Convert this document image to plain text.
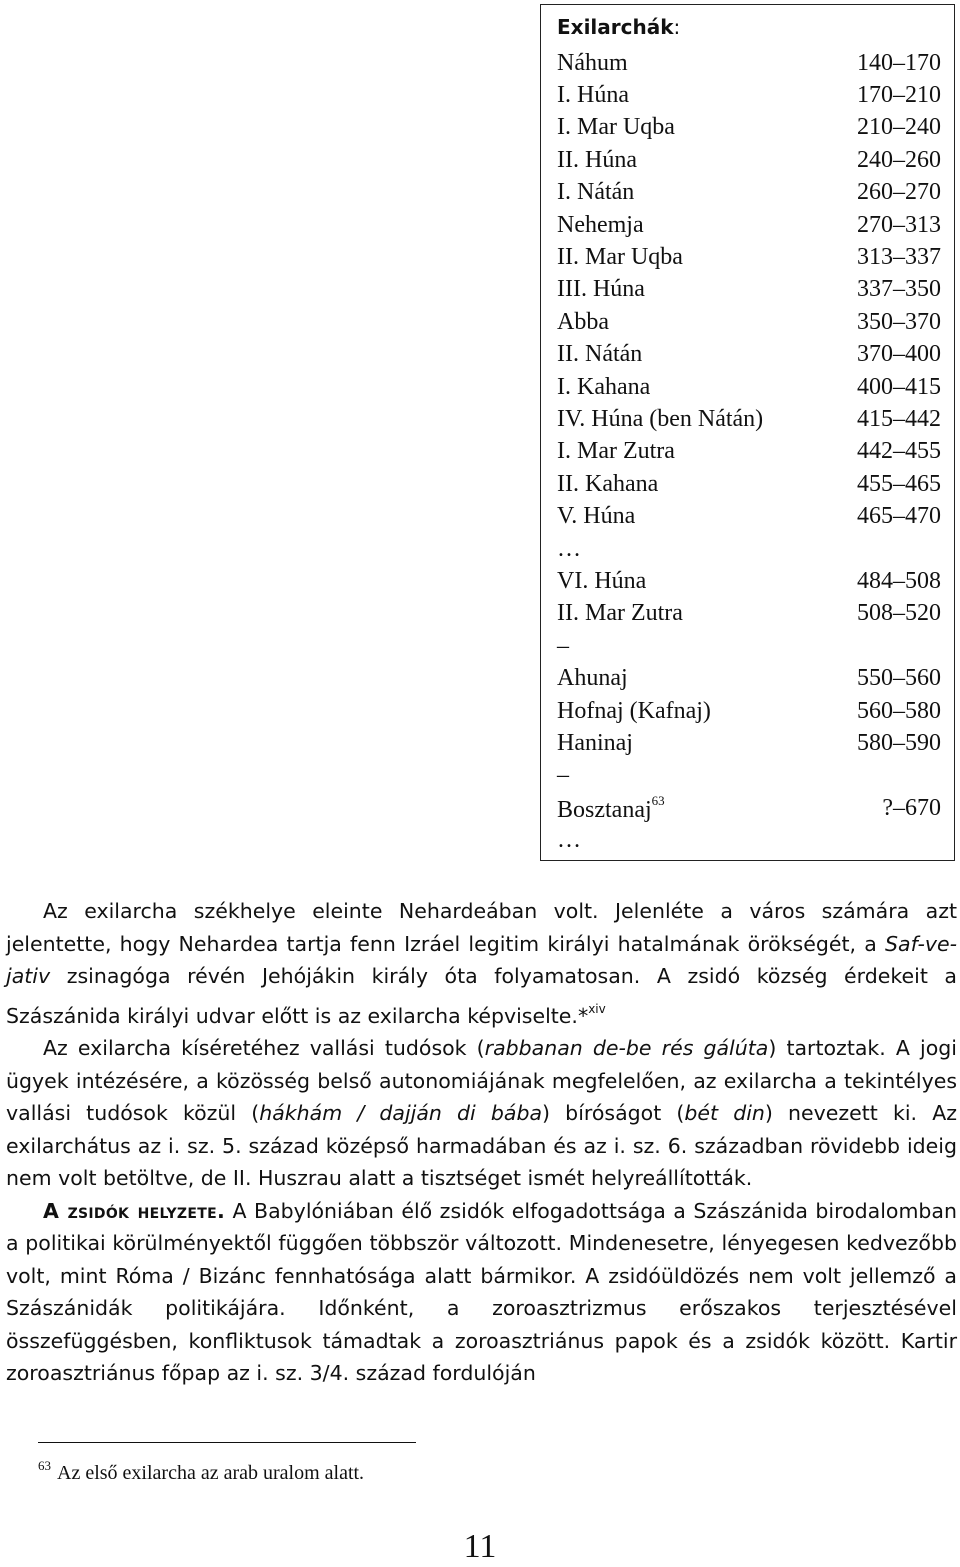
Exilarchák:
Náhum	140–170
I. Húna	170–210
I. Mar Uqba	210–240
II. Húna	240–260
I. Nátán	260–270
Nehemja	270–313
II. Mar Uqba	313–337
III. Húna	337–350
Abba	350–370
II. Nátán	370–400
I. Kahana	400–415
IV. Húna (ben Nátán)	415–442
I. Mar Zutra	442–455
II. Kahana	455–465
V. Húna	465–470
…
VI. Húna	484–508
II. Mar Zutra	508–520
–
Ahunaj	550–560
Hofnaj (Kafnaj)	560–580
Haninaj	580–590
–
Bosztanaj$^{63}$	?–670
…

Az exilarcha székhelye eleinte Nehardeában volt. Jelenléte a város számára azt jelentette, hogy Nehardea tartja fenn Izráel legitim királyi hatalmának örökségét, a Saf-ve-jativ zsinagóga révén Jehójákin király óta folyamatosan. A zsidó község érdekeit a Szászánida királyi udvar előtt is az exilarcha képviselte.*$^{xiv}$

Az exilarcha kíséretéhez vallási tudósok (rabbanan de-be rés gálúta) tartoztak. A jogi ügyek intézésére, a közösség belső autonomiájának megfelelően, az exilarcha a tekintélyes vallási tudósok közül (hákhám / dajján di bába) bíróságot (bét din) nevezett ki. Az exilarchátus az i. sz. 5. század középső harmadában és az i. sz. 6. században rövidebb ideig nem volt betöltve, de II. Huszrau alatt a tisztséget ismét helyreállították.

A zsidók helyzete. A Babylóniában élő zsidók elfogadottsága a Szászánida birodalomban a politikai körülményektől függően többször változott. Mindenesetre, lényegesen kedvezőbb volt, mint Róma / Bizánc fennhatósága alatt bármikor. A zsidóüldözés nem volt jellemző a Szászánidák politikájára. Időnként, a zoroasztrizmus erőszakos terjesztésével összefüggésben, konfliktusok támadtak a zoroasztriánus papok és a zsidók között. Kartir zoroasztriánus főpap az i. sz. 3/4. század fordulóján

$^{63}$ Az első exilarcha az arab uralom alatt.
11
